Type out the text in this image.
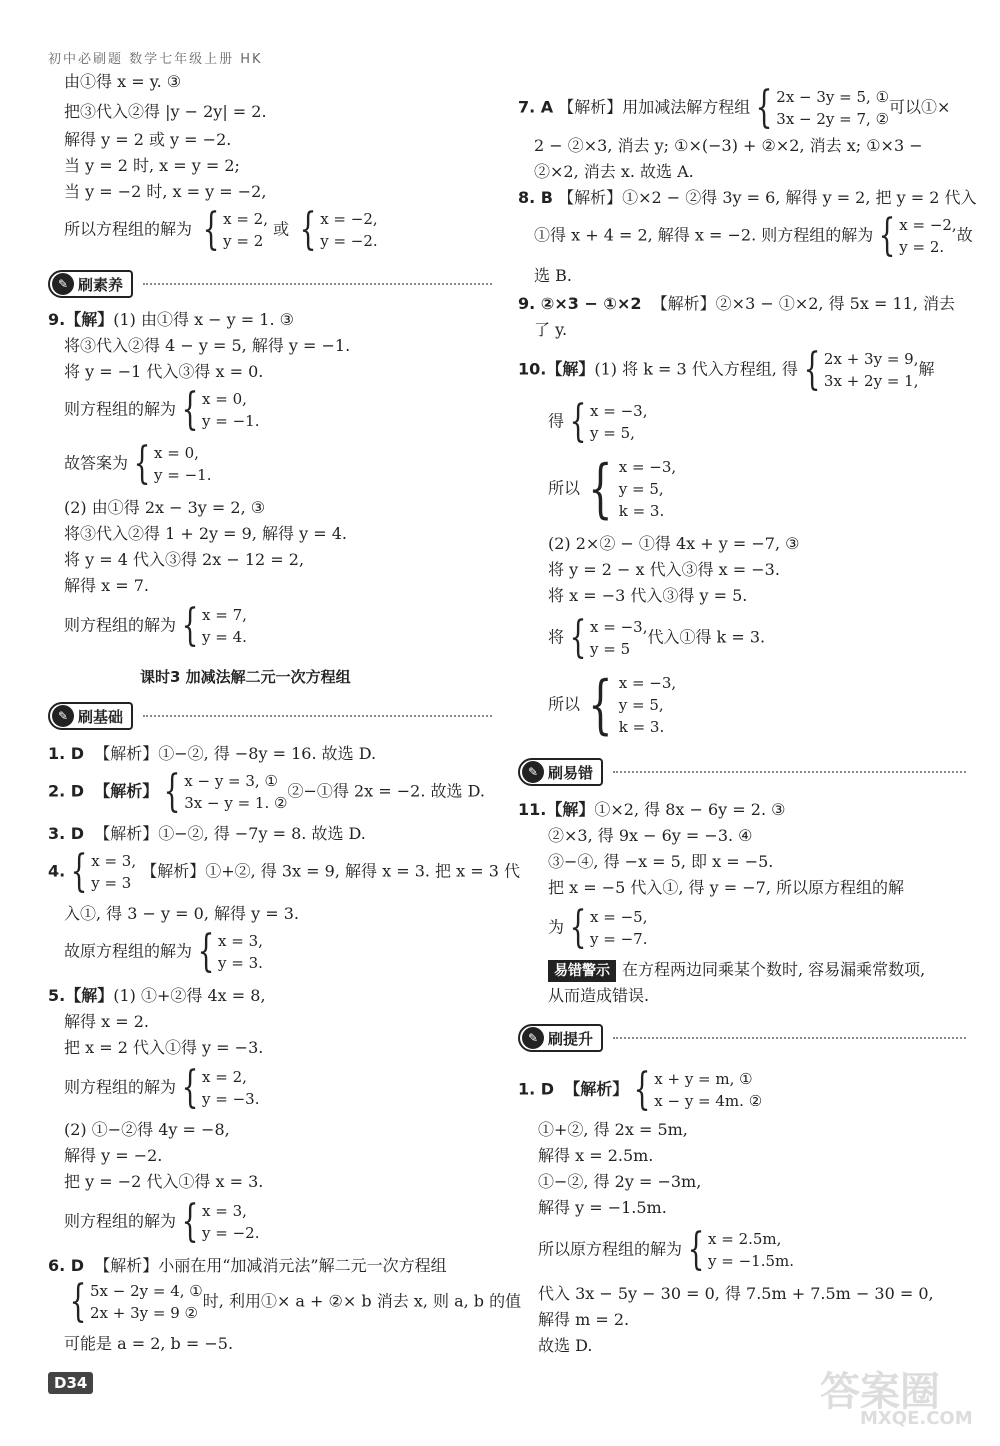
初中必刷题 数学七年级上册 HK
由①得 x = y. ③
把③代入②得 |y − 2y| = 2.
解得 y = 2 或 y = −2.
当 y = 2 时, x = y = 2;
当 y = −2 时, x = y = −2,
所以方程组的解为 { x = 2,
y = 2
或 { x = −2,
y = −2.
✎ 刷素养
9.【解】(1) 由①得 x − y = 1. ③
将③代入②得 4 − y = 5, 解得 y = −1.
将 y = −1 代入③得 x = 0.
则方程组的解为 { x = 0,
y = −1.
故答案为 { x = 0,
y = −1.
(2) 由①得 2x − 3y = 2, ③
将③代入②得 1 + 2y = 9, 解得 y = 4.
将 y = 4 代入③得 2x − 12 = 2,
解得 x = 7.
则方程组的解为 { x = 7,
y = 4.
课时3 加减法解二元一次方程组
✎ 刷基础
1. D 【解析】①−②, 得 −8y = 16. 故选 D.
2. D 【解析】 { x − y = 3, ①
3x − y = 1. ②
②−①得 2x = −2. 故选 D.
3. D 【解析】①−②, 得 −7y = 8. 故选 D.
4. { x = 3,
y = 3
【解析】①+②, 得 3x = 9, 解得 x = 3. 把 x = 3 代
入①, 得 3 − y = 0, 解得 y = 3.
故原方程组的解为 { x = 3,
y = 3.
5.【解】(1) ①+②得 4x = 8,
解得 x = 2.
把 x = 2 代入①得 y = −3.
则方程组的解为 { x = 2,
y = −3.
(2) ①−②得 4y = −8,
解得 y = −2.
把 y = −2 代入①得 x = 3.
则方程组的解为 { x = 3,
y = −2.
6. D 【解析】小丽在用“加减消元法”解二元一次方程组
{ 5x − 2y = 4, ①
2x + 3y = 9 ②
时, 利用①× a + ②× b 消去 x, 则 a, b 的值
可能是 a = 2, b = −5.
7. A 【解析】用加减法解方程组 { 2x − 3y = 5, ①
3x − 2y = 7, ②
可以①×
2 − ②×3, 消去 y; ①×(−3) + ②×2, 消去 x; ①×3 −
②×2, 消去 x. 故选 A.
8. B 【解析】①×2 − ②得 3y = 6, 解得 y = 2, 把 y = 2 代入
①得 x + 4 = 2, 解得 x = −2. 则方程组的解为 { x = −2,
y = 2.
故
选 B.
9. ②×3 − ①×2 【解析】②×3 − ①×2, 得 5x = 11, 消去
了 y.
10.【解】(1) 将 k = 3 代入方程组, 得 { 2x + 3y = 9,
3x + 2y = 1,
解
得 { x = −3,
y = 5,
所以 { x = −3,
y = 5,
k = 3.
(2) 2×② − ①得 4x + y = −7, ③
将 y = 2 − x 代入③得 x = −3.
将 x = −3 代入③得 y = 5.
将 { x = −3,
y = 5
代入①得 k = 3.
所以 { x = −3,
y = 5,
k = 3.
✎ 刷易错
11.【解】①×2, 得 8x − 6y = 2. ③
②×3, 得 9x − 6y = −3. ④
③−④, 得 −x = 5, 即 x = −5.
把 x = −5 代入①, 得 y = −7, 所以原方程组的解
为 { x = −5,
y = −7.
易错警示 在方程两边同乘某个数时, 容易漏乘常数项,
从而造成错误.
✎ 刷提升
1. D 【解析】 { x + y = m, ①
x − y = 4m. ②
①+②, 得 2x = 5m,
解得 x = 2.5m.
①−②, 得 2y = −3m,
解得 y = −1.5m.
所以原方程组的解为 { x = 2.5m,
y = −1.5m.
代入 3x − 5y − 30 = 0, 得 7.5m + 7.5m − 30 = 0,
解得 m = 2.
故选 D.
D34	答案圈
MXQE.COM
